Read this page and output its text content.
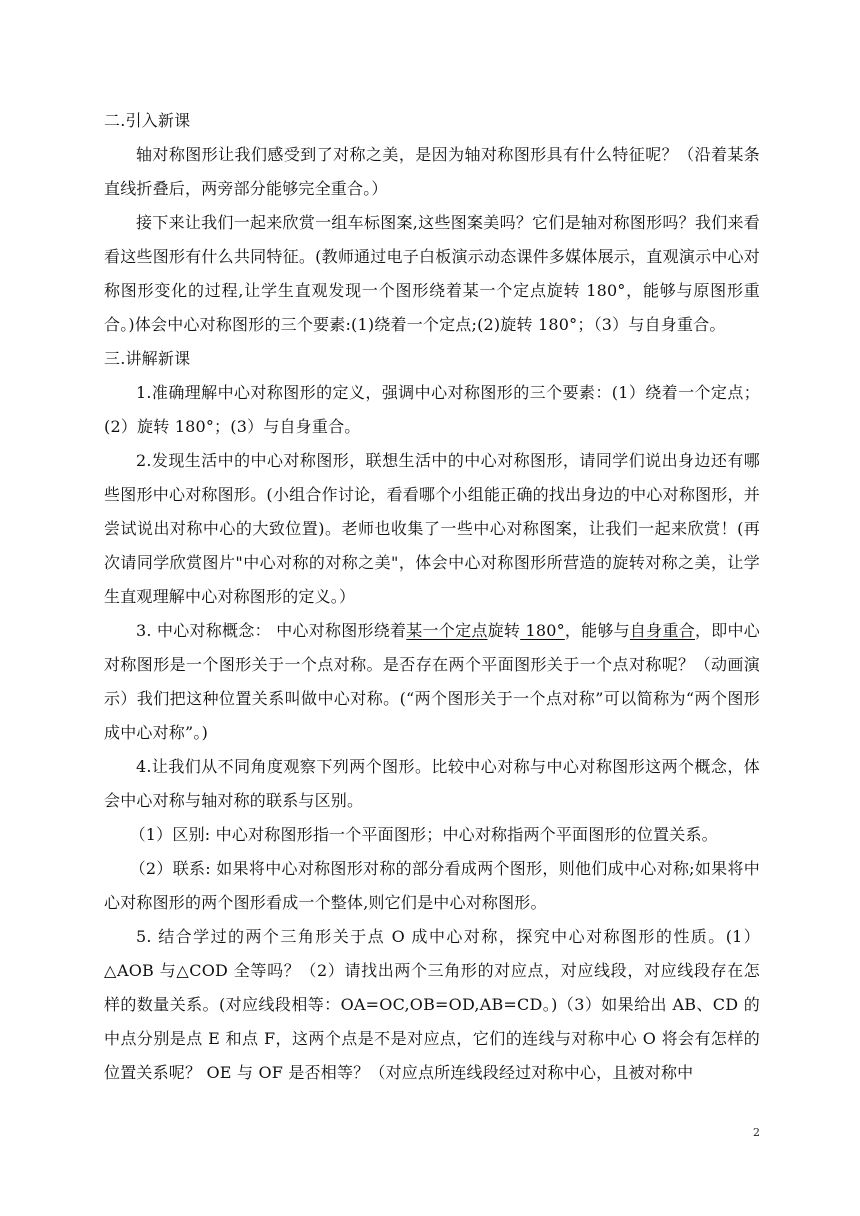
二.引入新课

轴对称图形让我们感受到了对称之美，是因为轴对称图形具有什么特征呢？（沿着某条直线折叠后，两旁部分能够完全重合。）

接下来让我们一起来欣赏一组车标图案,这些图案美吗？它们是轴对称图形吗？我们来看看这些图形有什么共同特征。(教师通过电子白板演示动态课件多媒体展示，直观演示中心对称图形变化的过程,让学生直观发现一个图形绕着某一个定点旋转 180°，能够与原图形重合。)体会中心对称图形的三个要素:(1)绕着一个定点;(2)旋转 180°；（3）与自身重合。

三.讲解新课

1.准确理解中心对称图形的定义，强调中心对称图形的三个要素：(1）绕着一个定点；(2）旋转 180°；(3）与自身重合。

2.发现生活中的中心对称图形，联想生活中的中心对称图形，请同学们说出身边还有哪些图形中心对称图形。(小组合作讨论，看看哪个小组能正确的找出身边的中心对称图形，并尝试说出对称中心的大致位置)。老师也收集了一些中心对称图案，让我们一起来欣赏！(再次请同学欣赏图片"中心对称的对称之美"，体会中心对称图形所营造的旋转对称之美，让学生直观理解中心对称图形的定义。）

3. 中心对称概念： 中心对称图形绕着某一个定点旋转 180°，能够与自身重合，即中心对称图形是一个图形关于一个点对称。是否存在两个平面图形关于一个点对称呢？（动画演示）我们把这种位置关系叫做中心对称。(“两个图形关于一个点对称”可以简称为“两个图形成中心对称”。)

4.让我们从不同角度观察下列两个图形。比较中心对称与中心对称图形这两个概念，体会中心对称与轴对称的联系与区别。

（1）区别: 中心对称图形指一个平面图形；中心对称指两个平面图形的位置关系。

（2）联系: 如果将中心对称图形对称的部分看成两个图形，则他们成中心对称;如果将中心对称图形的两个图形看成一个整体,则它们是中心对称图形。

5. 结合学过的两个三角形关于点 O 成中心对称，探究中心对称图形的性质。(1）△AOB 与△COD 全等吗？（2）请找出两个三角形的对应点，对应线段，对应线段存在怎样的数量关系。(对应线段相等：OA=OC,OB=OD,AB=CD。)（3）如果给出 AB、CD 的中点分别是点 E 和点 F，这两个点是不是对应点，它们的连线与对称中心 O 将会有怎样的位置关系呢？ OE 与 OF 是否相等？（对应点所连线段经过对称中心，且被对称中

2
